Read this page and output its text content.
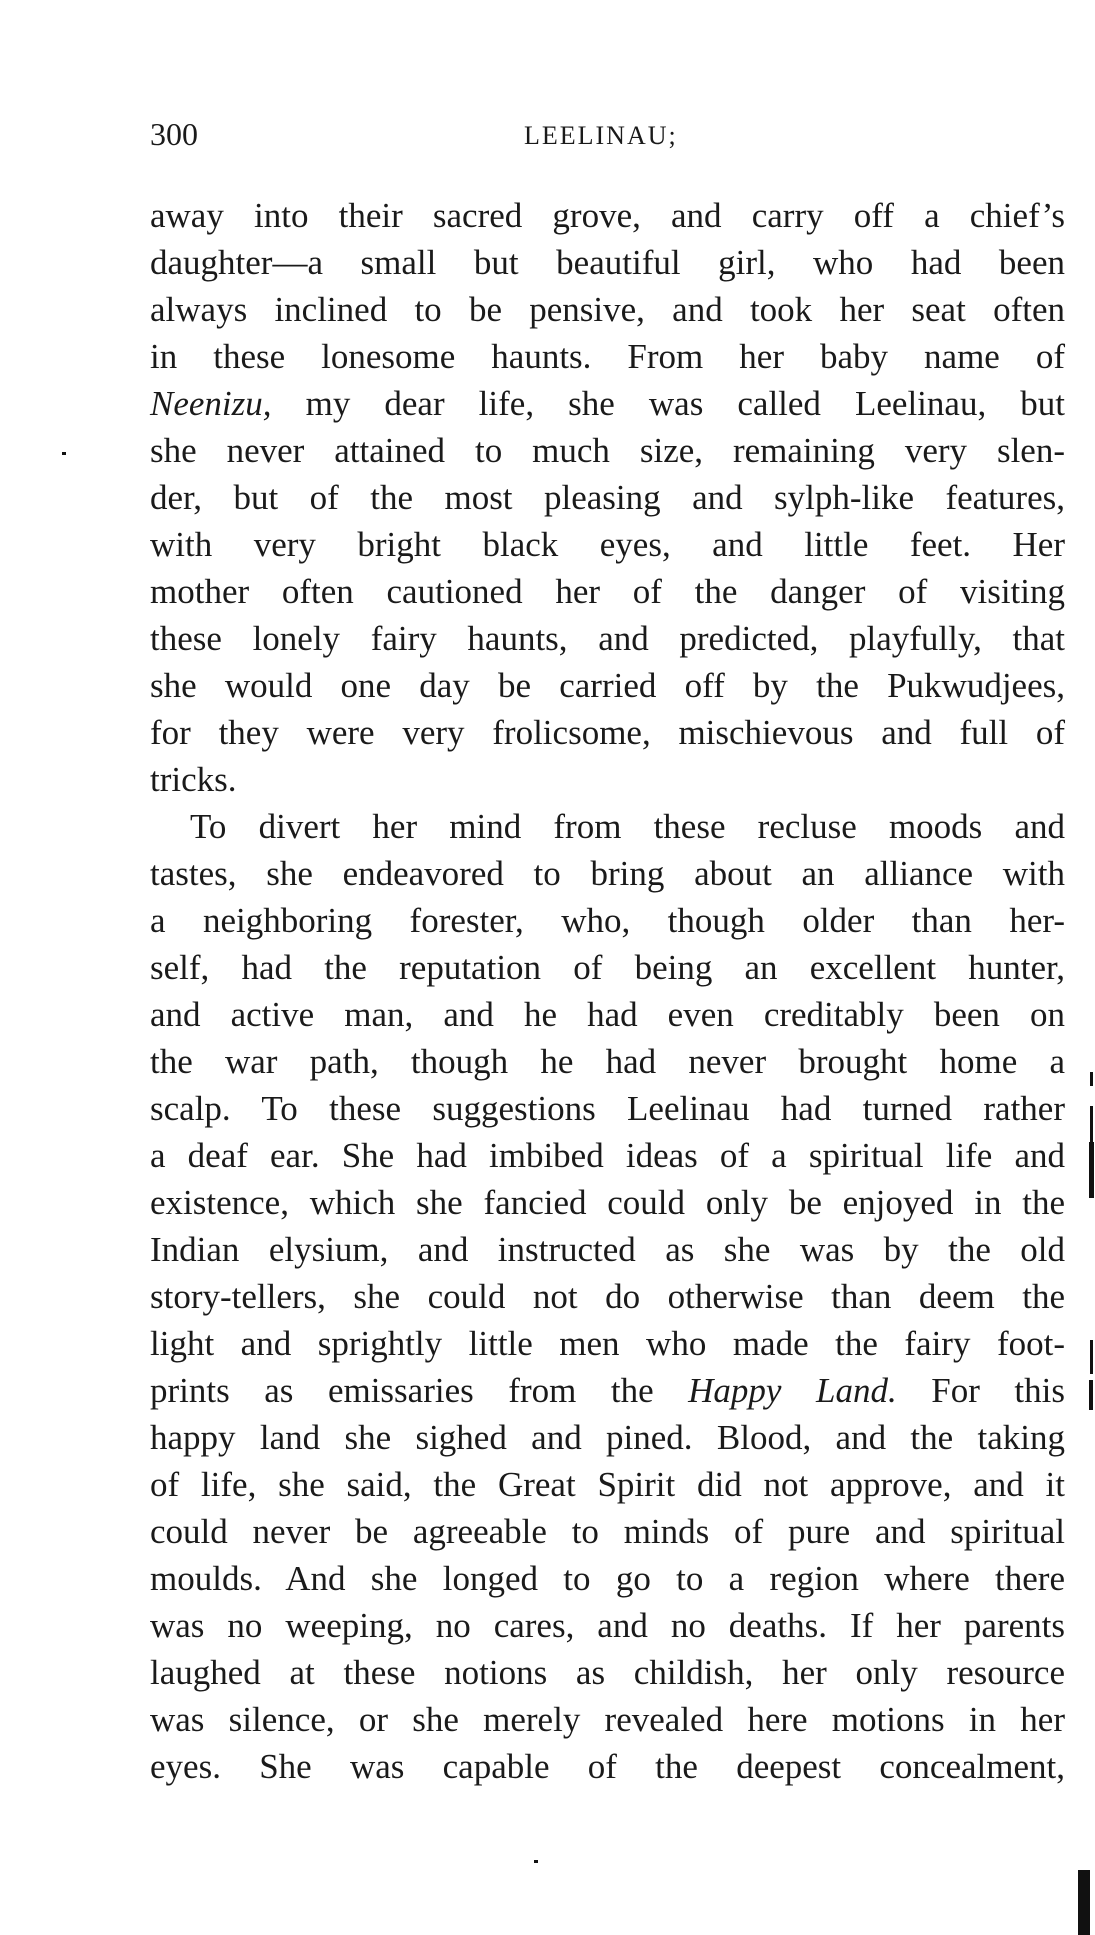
300	LEELINAU;
away into their sacred grove, and carry off a chief’s
daughter—a small but beautiful girl, who had been
always inclined to be pensive, and took her seat often
in these lonesome haunts. From her baby name of
Neenizu, my dear life, she was called Leelinau, but
she never attained to much size, remaining very slen-
der, but of the most pleasing and sylph-like features,
with very bright black eyes, and little feet. Her
mother often cautioned her of the danger of visiting
these lonely fairy haunts, and predicted, playfully, that
she would one day be carried off by the Pukwudjees,
for they were very frolicsome, mischievous and full of
tricks.
To divert her mind from these recluse moods and
tastes, she endeavored to bring about an alliance with
a neighboring forester, who, though older than her-
self, had the reputation of being an excellent hunter,
and active man, and he had even creditably been on
the war path, though he had never brought home a
scalp. To these suggestions Leelinau had turned rather
a deaf ear. She had imbibed ideas of a spiritual life and
existence, which she fancied could only be enjoyed in the
Indian elysium, and instructed as she was by the old
story-tellers, she could not do otherwise than deem the
light and sprightly little men who made the fairy foot-
prints as emissaries from the Happy Land. For this
happy land she sighed and pined. Blood, and the taking
of life, she said, the Great Spirit did not approve, and it
could never be agreeable to minds of pure and spiritual
moulds. And she longed to go to a region where there
was no weeping, no cares, and no deaths. If her parents
laughed at these notions as childish, her only resource
was silence, or she merely revealed here motions in her
eyes. She was capable of the deepest concealment,
